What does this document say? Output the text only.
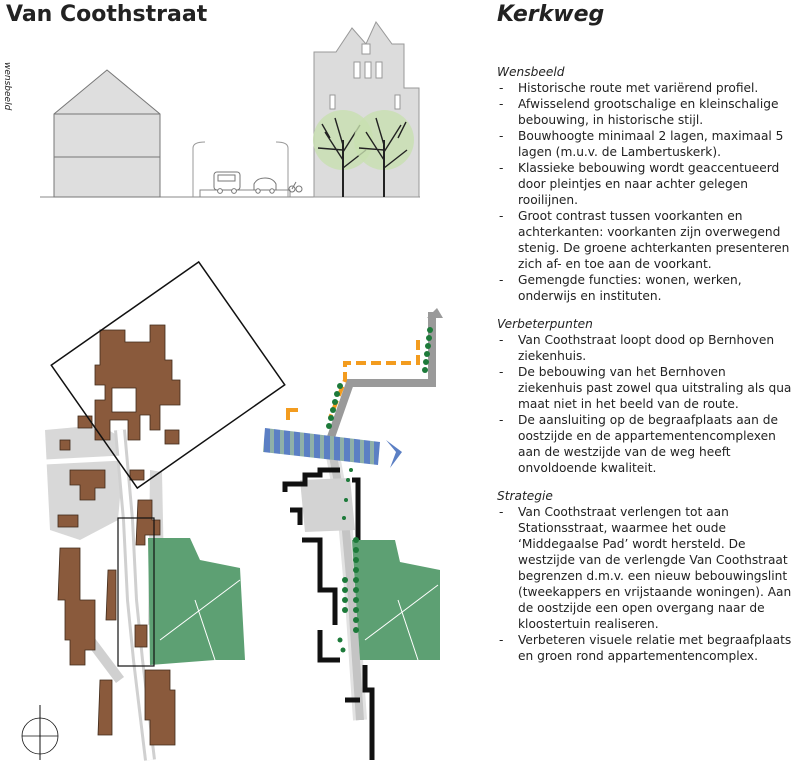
Van Coothstraat	Kerkweg
wensbeeld	Wensbeeld

- Historische route met variërend profiel.
- Afwisselend grootschalige en kleinschalige bebouwing, in historische stijl.
- Bouwhoogte minimaal 2 lagen, maximaal 5 lagen (m.u.v. de Lambertuskerk).
- Klassieke bebouwing wordt geaccentueerd door pleintjes en naar achter gelegen rooilijnen.
- Groot contrast tussen voorkanten en achterkanten: voorkanten zijn overwegend stenig. De groene achterkanten presenteren zich af- en toe aan de voorkant.
- Gemengde functies: wonen, werken, onderwijs en instituten.

Verbeterpunten

- Van Coothstraat loopt dood op Bernhoven ziekenhuis.
- De bebouwing van het Bernhoven ziekenhuis past zowel qua uitstraling als qua maat niet in het beeld van de route.
- De aansluiting op de begraafplaats aan de oostzijde en de appartementencomplexen aan de westzijde van de weg heeft onvoldoende kwaliteit.

Strategie

- Van Coothstraat verlengen tot aan Stationsstraat, waarmee het oude ‘Middegaalse Pad’ wordt hersteld. De westzijde van de verlengde Van Coothstraat begrenzen d.m.v. een nieuw bebouwingslint (tweekappers en vrijstaande woningen). Aan de oostzijde een open overgang naar de kloostertuin realiseren.
- Verbeteren visuele relatie met begraafplaats en groen rond appartementencomplex.
